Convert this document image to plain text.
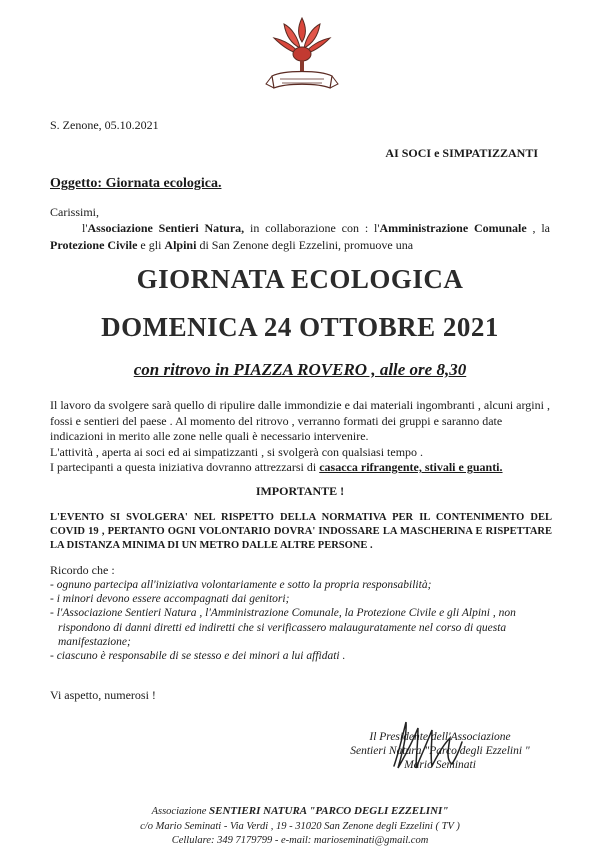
S. Zenone, 05.10.2021
AI SOCI e SIMPATIZZANTI
Oggetto: Giornata ecologica.
Carissimi,
l'Associazione Sentieri Natura, in collaborazione con : l'Amministrazione Comunale , la Protezione Civile e gli Alpini di San Zenone degli Ezzelini, promuove una
GIORNATA ECOLOGICA
DOMENICA 24 OTTOBRE 2021
con ritrovo in PIAZZA ROVERO , alle ore 8,30

Il lavoro da svolgere sarà quello di ripulire dalle immondizie e dai materiali ingombranti , alcuni argini , fossi e sentieri del paese . Al momento del ritrovo , verranno formati dei gruppi e saranno date indicazioni in merito alle zone nelle quali è necessario intervenire.

L'attività , aperta ai soci ed ai simpatizzanti , si svolgerà con qualsiasi tempo .

I partecipanti a questa iniziativa dovranno attrezzarsi di casacca rifrangente, stivali e guanti.

IMPORTANTE !
L'EVENTO SI SVOLGERA' NEL RISPETTO DELLA NORMATIVA PER IL CONTENIMENTO DEL COVID 19 , PERTANTO OGNI VOLONTARIO DOVRA' INDOSSARE LA MASCHERINA E RISPETTARE LA DISTANZA MINIMA DI UN METRO DALLE ALTRE PERSONE .
Ricordo che :
- ognuno partecipa all'iniziativa volontariamente e sotto la propria responsabilità;
- i minori devono essere accompagnati dai genitori;
- l'Associazione Sentieri Natura , l'Amministrazione Comunale, la Protezione Civile e gli Alpini , non rispondono di danni diretti ed indiretti che si verificassero malauguratamente nel corso di questa manifestazione;
- ciascuno è responsabile di se stesso e dei minori a lui affidati .
Vi aspetto, numerosi !
Il Presidente dell'Associazione
Sentieri Natura "Parco degli Ezzelini "
Mario Seminati
Associazione SENTIERI NATURA "PARCO DEGLI EZZELINI"
c/o Mario Seminati - Via Verdi , 19 - 31020 San Zenone degli Ezzelini ( TV )
Cellulare: 349 7179799 - e-mail: marioseminati@gmail.com
